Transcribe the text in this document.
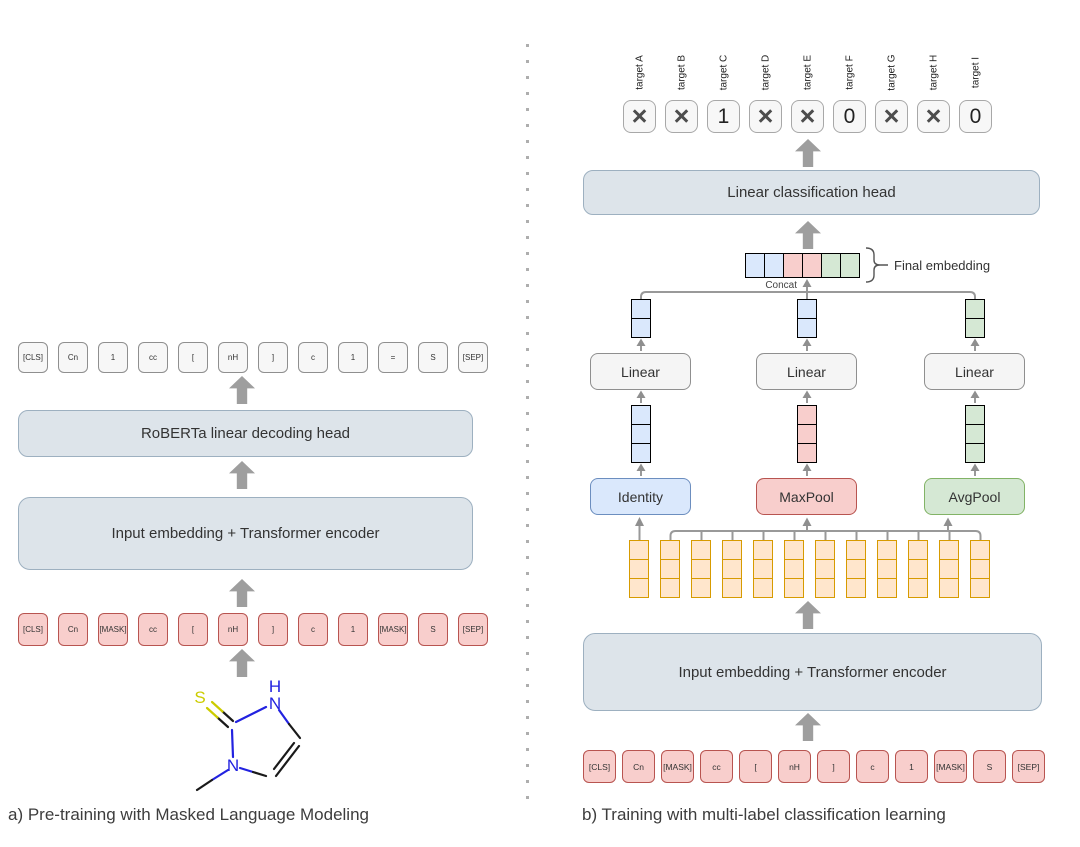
[CLS]	Cn	1	cc	[	nH	]	c	1	=	S	[SEP]
RoBERTa linear decoding head
Input embedding + Transformer encoder
[CLS]	Cn	[MASK]	cc	[	nH	]	c	1	[MASK]	S	[SEP]
S
H
N
N
a) Pre-training with Masked Language Modeling
target A	target B	target C	target D	target E	target F	target G	target H	target I
× × 1 × × 0 × × 0
Linear classification head
Final embedding
Concat
Input embedding + Transformer encoder
[CLS]	Cn	[MASK]	cc	[	nH	]	c	1	[MASK]	S	[SEP]
b) Training with multi-label classification learning
Linear
Identity
Linear
MaxPool
Linear
AvgPool
